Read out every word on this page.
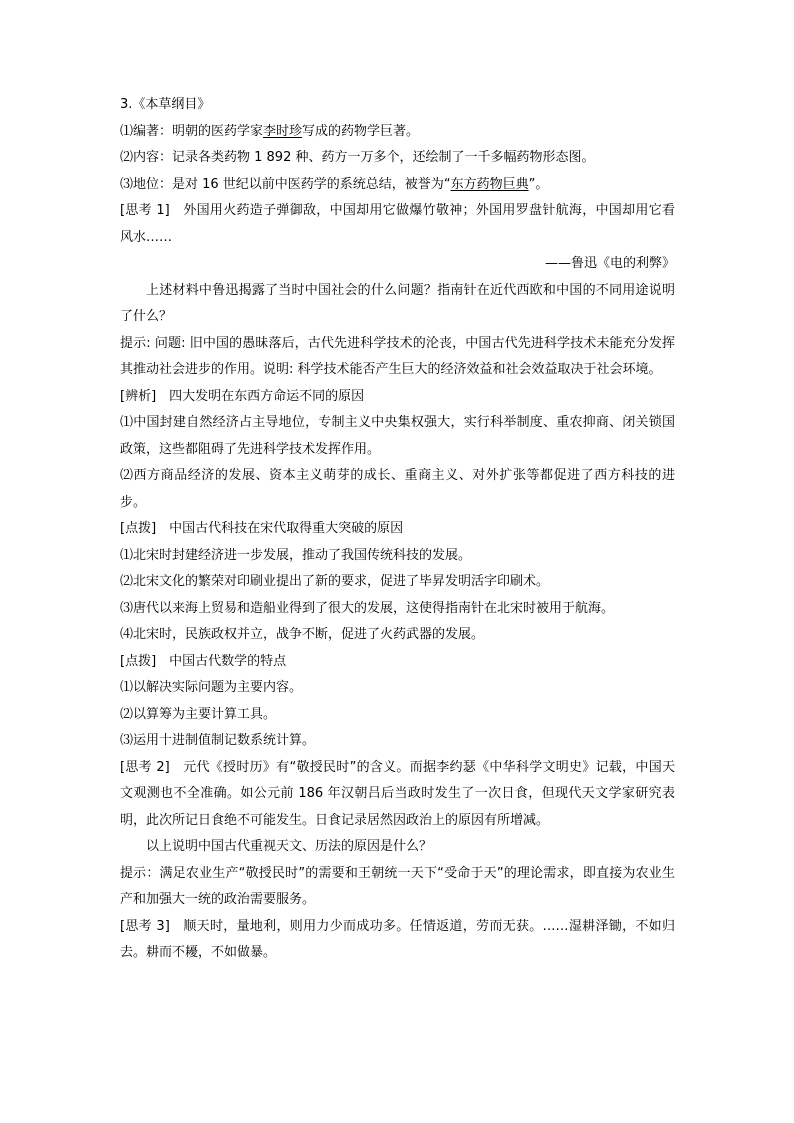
3.《本草纲目》
⑴编著：明朝的医药学家李时珍写成的药物学巨著。
⑵内容：记录各类药物 1 892 种、药方一万多个，还绘制了一千多幅药物形态图。
⑶地位：是对 16 世纪以前中医药学的系统总结，被誉为“东方药物巨典”。
[思考 1]　外国用火药造子弹御敌，中国却用它做爆竹敬神；外国用罗盘针航海，中国却用它看风水……
——鲁迅《电的利弊》
上述材料中鲁迅揭露了当时中国社会的什么问题？指南针在近代西欧和中国的不同用途说明了什么？
提示: 问题: 旧中国的愚昧落后，古代先进科学技术的沦丧，中国古代先进科学技术未能充分发挥其推动社会进步的作用。说明: 科学技术能否产生巨大的经济效益和社会效益取决于社会环境。
[辨析]　四大发明在东西方命运不同的原因
⑴中国封建自然经济占主导地位，专制主义中央集权强大，实行科举制度、重农抑商、闭关锁国政策，这些都阻碍了先进科学技术发挥作用。
⑵西方商品经济的发展、资本主义萌芽的成长、重商主义、对外扩张等都促进了西方科技的进步。
[点拨]　中国古代科技在宋代取得重大突破的原因
⑴北宋时封建经济进一步发展，推动了我国传统科技的发展。
⑵北宋文化的繁荣对印刷业提出了新的要求，促进了毕昇发明活字印刷术。
⑶唐代以来海上贸易和造船业得到了很大的发展，这使得指南针在北宋时被用于航海。
⑷北宋时，民族政权并立，战争不断，促进了火药武器的发展。
[点拨]　中国古代数学的特点
⑴以解决实际问题为主要内容。
⑵以算筹为主要计算工具。
⑶运用十进制值制记数系统计算。
[思考 2]　元代《授时历》有“敬授民时”的含义。而据李约瑟《中华科学文明史》记载，中国天文观测也不全准确。如公元前 186 年汉朝吕后当政时发生了一次日食，但现代天文学家研究表明，此次所记日食绝不可能发生。日食记录居然因政治上的原因有所增减。
以上说明中国古代重视天文、历法的原因是什么？
提示：满足农业生产“敬授民时”的需要和王朝统一天下“受命于天”的理论需求，即直接为农业生产和加强大一统的政治需要服务。
[思考 3]　顺天时，量地利，则用力少而成功多。任情返道，劳而无获。……湿耕泽锄，不如归去。耕而不耰，不如做暴。
